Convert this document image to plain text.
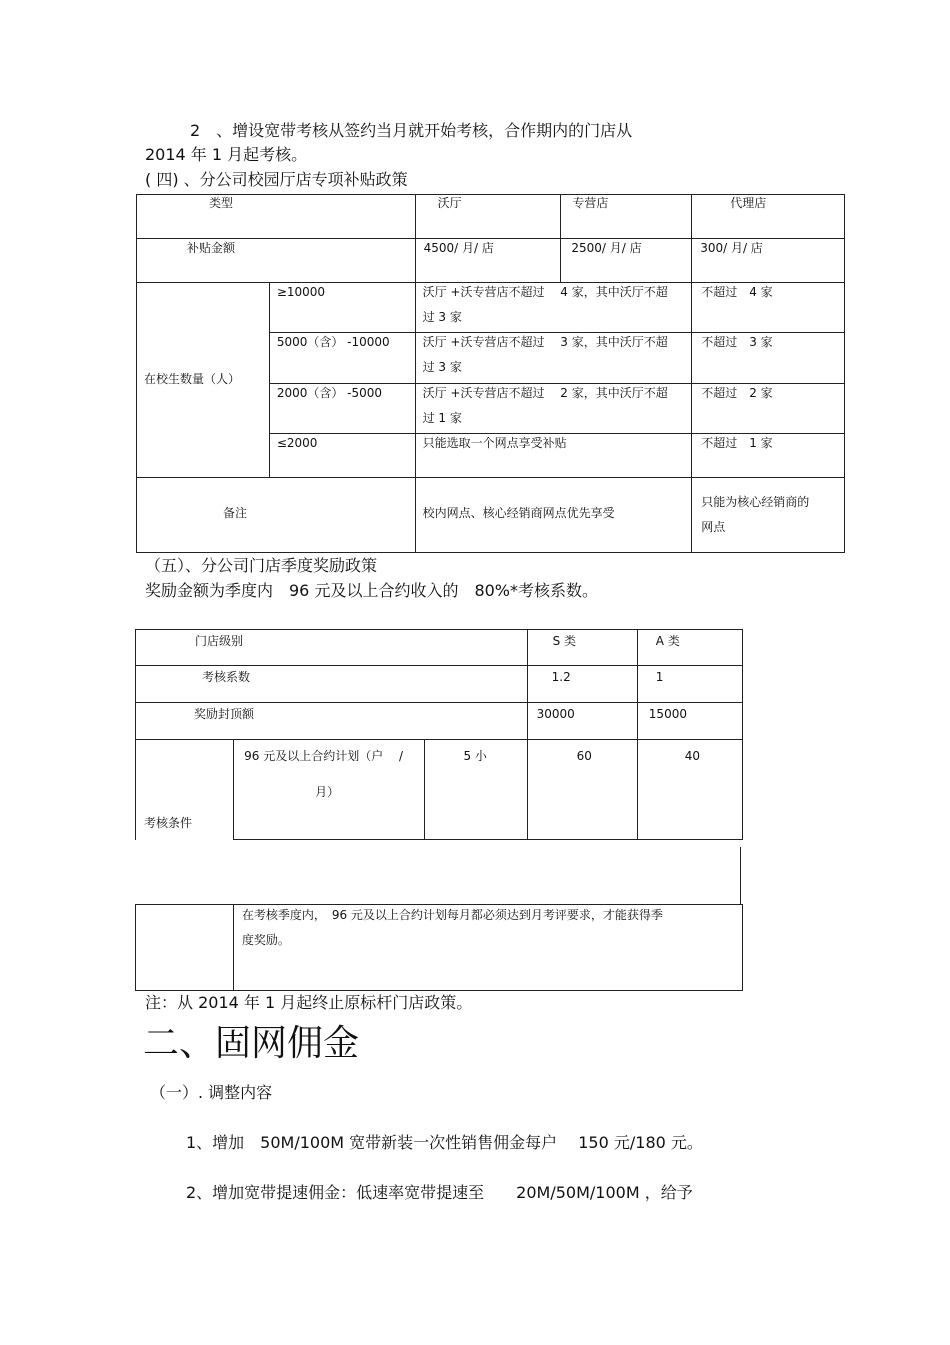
2　、增设宽带考核从签约当月就开始考核，合作期内的门店从
2014 年 1 月起考核。
( 四) 、分公司校园厅店专项补贴政策
类型		沃厅	专营店	代理店

补贴金额		4500/ 月/ 店	2500/ 月/ 店	300/ 月/ 店

在校生数量（人）	≥10000	沃厅 +沃专营店不超过　 4 家，其中沃厅不超
过 3 家		不超过　4 家

	5000（含） -10000	沃厅 +沃专营店不超过　 3 家，其中沃厅不超
过 3 家		不超过　3 家

	2000（含） -5000	沃厅 +沃专营店不超过　 2 家，其中沃厅不超
过 1 家		不超过　2 家

	≤2000	只能选取一个网点享受补贴		不超过　1 家

备注		校内网点、核心经销商网点优先享受		只能为核心经销商的
网点
（五）、分公司门店季度奖励政策
奖励金额为季度内　96 元及以上合约收入的　80%*考核系数。
门店级别			S 类	A 类

考核系数			1.2	1

奖励封顶额			30000	15000

考核条件	96 元及以上合约计划（户　 /
月）	5 小	60	40

在考核季度内，　96 元及以上合约计划每月都必须达到月考评要求，才能获得季
度奖励。
注：从 2014 年 1 月起终止原标杆门店政策。
二、固网佣金
（一）. 调整内容
1、增加　50M/100M 宽带新装一次性销售佣金每户　 150 元/180 元。
2、增加宽带提速佣金：低速率宽带提速至　　20M/50M/100M ，给予
